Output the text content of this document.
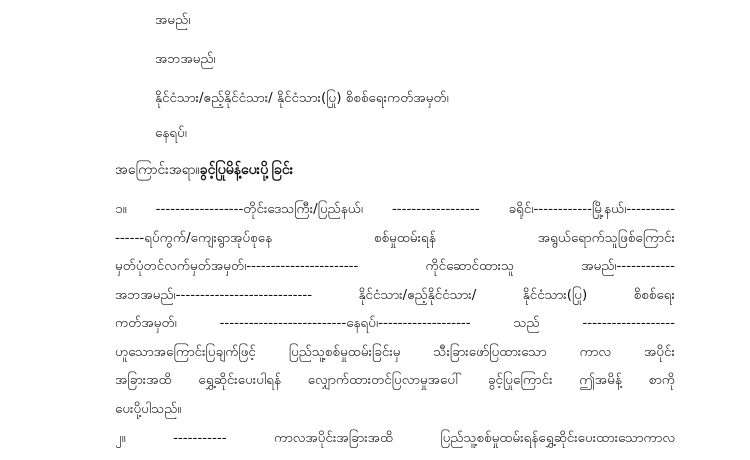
အမည်၊
အဘအမည်၊
နိုင်ငံသား/ဧည့်နိုင်ငံသား/ နိုင်ငံသား(ပြု) စိစစ်ရေးကတ်အမှတ်၊
နေရပ်၊
အကြောင်းအရာ။ခွင့်ပြုမိန့်ပေးပို့ခြင်း
၁။ ------------------တိုင်းဒေသကြီး/ပြည်နယ်၊ ------------------ ခရိုင်၊------------မြို့နယ်၊----------
------ရပ်ကွက်/ကျေးရွာအုပ်စုနေ	စစ်မှုထမ်းရန်	အရွယ်ရောက်သူဖြစ်ကြောင်း
မှတ်ပုံတင်လက်မှတ်အမှတ်၊-----------------------	ကိုင်ဆောင်ထားသူ	အမည်၊------------
အဘအမည်၊----------------------------	နိုင်ငံသား/ဧည့်နိုင်ငံသား/	နိုင်ငံသား(ပြု)	စိစစ်ရေး
ကတ်အမှတ်၊	--------------------------နေရပ်၊-------------------	သည်	-------------------
ဟူသောအကြောင်းပြချက်ဖြင့် ပြည်သူ့စစ်မှုထမ်းခြင်းမှ သီးခြားဖော်ပြထားသော ကာလ အပိုင်း
အခြားအထိ ရွှေ့ဆိုင်းပေးပါရန် လျှောက်ထားတင်ပြလာမှုအပေါ် ခွင့်ပြုကြောင်း ဤအမိန့် စာကို
ပေးပို့ပါသည်။
၂။	-----------	ကာလအပိုင်းအခြားအထိ	ပြည်သူ့စစ်မှုထမ်းရန်ရွှေ့ဆိုင်းပေးထားသောကာလ
